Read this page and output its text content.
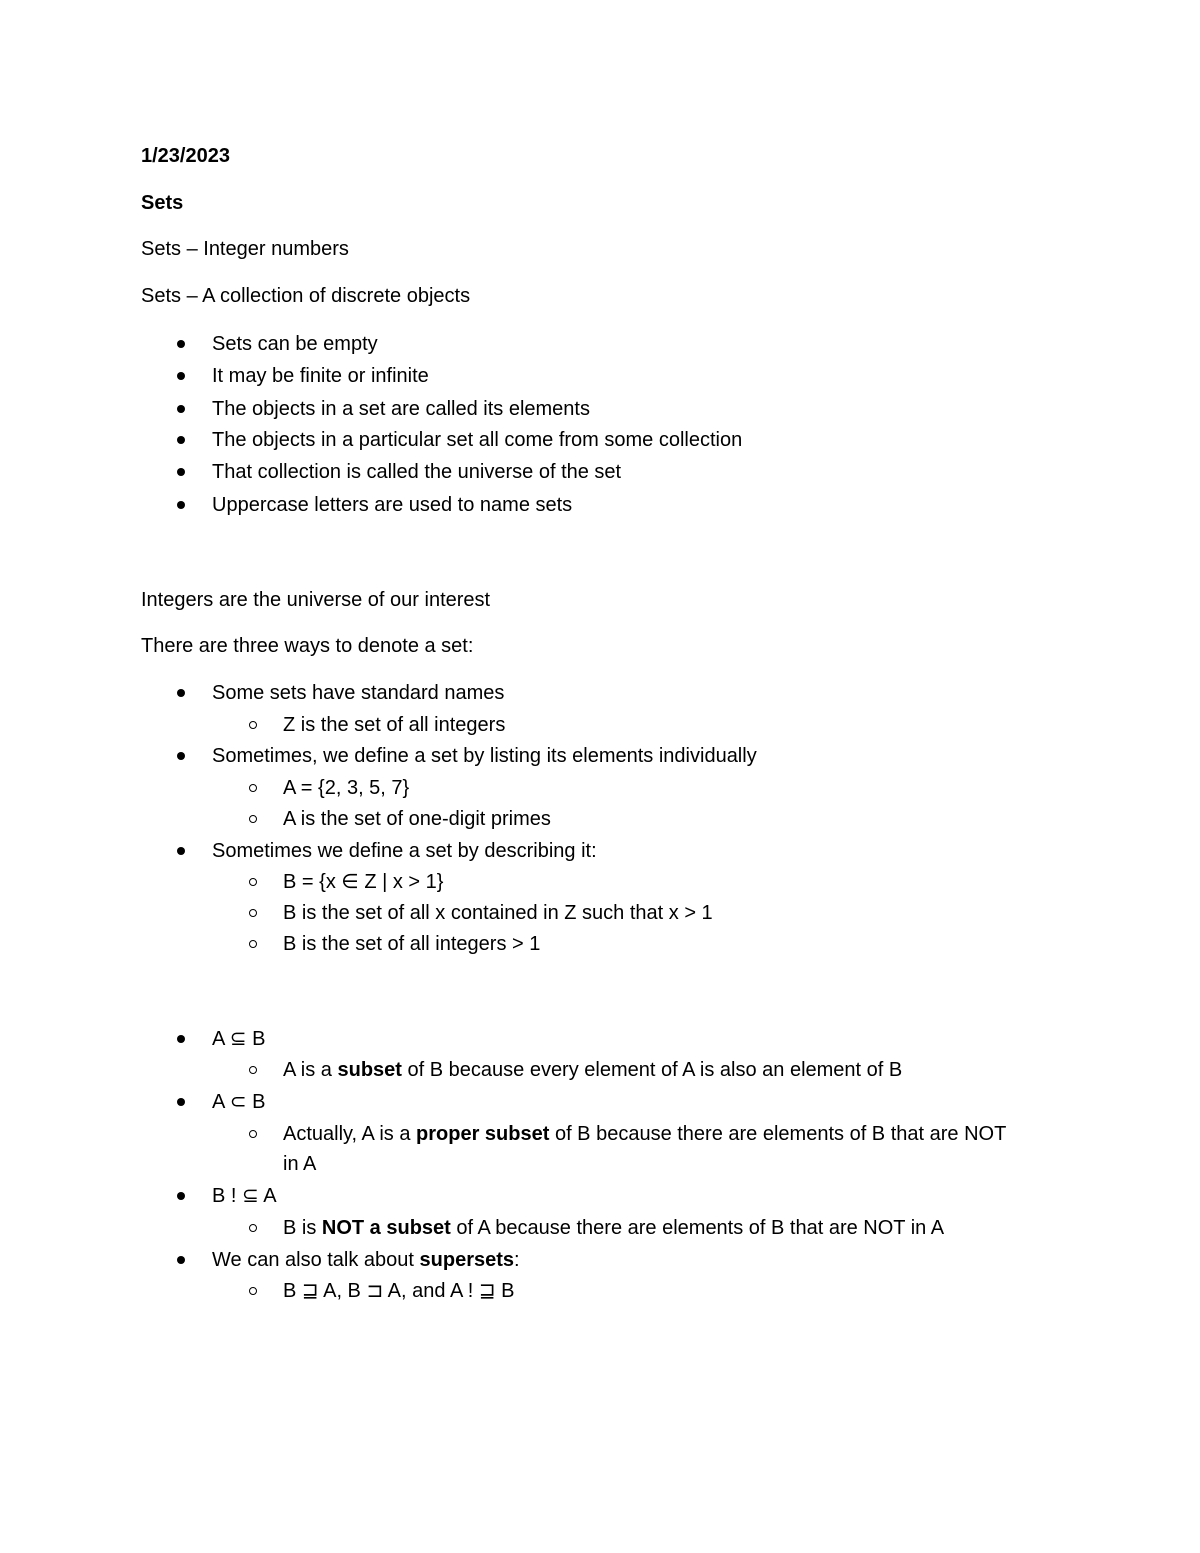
1/23/2023
Sets
Sets – Integer numbers
Sets – A collection of discrete objects
Sets can be empty
It may be finite or infinite
The objects in a set are called its elements
The objects in a particular set all come from some collection
That collection is called the universe of the set
Uppercase letters are used to name sets
Integers are the universe of our interest
There are three ways to denote a set:
Some sets have standard names
Z is the set of all integers
Sometimes, we define a set by listing its elements individually
A = {2, 3, 5, 7}
A is the set of one-digit primes
Sometimes we define a set by describing it:
B = {x ∈ Z | x > 1}
B is the set of all x contained in Z such that x > 1
B is the set of all integers > 1
A ⊆ B
A is a subset of B because every element of A is also an element of B
A ⊂ B
Actually, A is a proper subset of B because there are elements of B that are NOT
in A
B ! ⊆ A
B is NOT a subset of A because there are elements of B that are NOT in A
We can also talk about supersets:
B ⊒ A, B ⊐ A, and A ! ⊒ B
